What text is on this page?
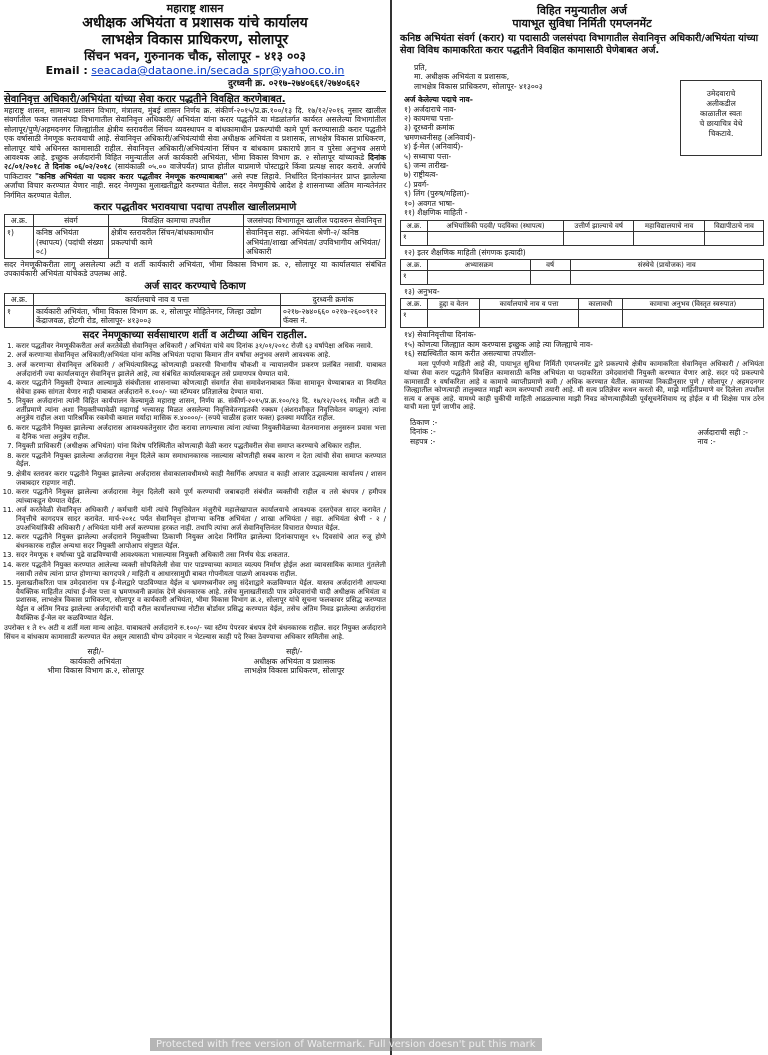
महाराष्ट्र शासन
अधीक्षक अभियंता व प्रशासक यांचे कार्यालय
लाभक्षेत्र विकास प्राधिकरण, सोलापूर
सिंचन भवन, गुरुनानक चौक, सोलापूर - ४१३ ००३
Email : seacada@dataone.in/secada spr@yahoo.co.in
दुरध्वनी क्र. ०२१७-२७४०६६१/२७४०६६२
सेवानिवृत्त अधिकारी/अभियंता यांच्या सेवा करार पद्धतीने विवक्षित करणेबाबत.
महाराष्ट्र शासन, सामान्य प्रशासन विभाग, मंत्रालय, मुंबई शासन निर्णय क्र. संकीर्ण-२०१५/प्र.क्र.१००/१३ दि. १७/१२/२०१६ नुसार खालील संवर्गातील फक्त जलसंपदा विभागातील सेवानिवृत्त अधिकारी/ अभियंता यांना करार पद्धतीने या मंडळांतर्गत कार्यरत असलेल्या विभागांतील सोलापूर/पुणे/अहमदनगर जिल्ह्यांतील क्षेत्रीय स्तरावरील सिंचन व्यवस्थापन व बांधकामाधीन प्रकल्पांची कामे पूर्ण करण्यासाठी करार पद्धतीने एक वर्षासाठी नेमणूक करावयाची आहे. सेवानिवृत्त अधिकारी/अभियंत्यांची सेवा अधीक्षक अभियंता व प्रशासक, लाभक्षेत्र विकास प्राधिकरण, सोलापूर यांचे अधिनस्त कामासाठी राहील. सेवानिवृत्त अधिकारी/अभियंत्यांना सिंचन व बांधकाम प्रकाराचे ज्ञान व पुरेसा अनुभव असणे आवश्यक आहे. इच्छुक अर्जदारांनी विहित नमुन्यातील अर्ज कार्यकारी अभियंता, भीमा विकास विभाग क्र. २ सोलापूर यांच्याकडे दिनांक २८/०१/२०१८ ते दिनांक ०६/०२/२०१८ (सायंकाळी ०५.०० वाजेपर्यंत) प्राप्त होतील याप्रमाणे पोस्टाद्वारे किंवा प्रत्यक्ष सादर करावे. अर्जाचे पाकिटावर "कनिष्ठ अभियंता या पदावर करार पद्धतीवर नेमणूक करण्याबाबत" असे स्पष्ट लिहावे. निर्धारित दिनांकानंतर प्राप्त झालेल्या अर्जांचा विचार करण्यात येणार नाही. सदर नेमणुका मुलाखतीद्वारे करण्यात येतील. सदर नेमणुकीचे आदेश हे शासनाच्या अंतिम मान्यतेनंतर निर्गमित करण्यात येतील.
करार पद्धतीवर भरावयाचा पदाचा तपशील खालीलप्रमाणे
अ.क्र.	संवर्ग	विवक्षित कामाचा तपशील	जलसंपदा विभागातून खालील पदावरुन सेवानिवृत्त
१)	कनिष्ठ अभियंता (स्थापत्य) (पदांची संख्या ०८)	क्षेत्रीय स्तरावरील सिंचन/बांधकामाधीन प्रकल्पांची कामे	सेवानिवृत्त सहा. अभियंता श्रेणी-२/ कनिष्ठ अभियंता/शाखा अभियंता/ उपविभागीय अभियंता/अधिकारी
सदर नेमणूकीकरीता लागू असलेल्या अटी व शर्ती कार्यकारी अभियंता, भीमा विकास विभाग क्र. २, सोलापूर या कार्यालयात संबंधित उपकार्यकारी अभियंता यांचेकडे उपलब्ध आहे.
अर्ज सादर करण्याचे ठिकाण
अ.क्र.	कार्यालयाचे नाव व पत्ता	दुरध्वनी क्रमांक
१	कार्यकारी अभियंता, भीमा विकास विभाग क्र. २, सोलापूर मोहितेनगर, जिल्हा उद्योग केंद्राजवळ, होटगी रोड, सोलापूर- ४१३००३	०२१७-२७४०६६० ०२१७-२६००९१२ फॅक्स नं.
सदर नेमणूकाच्या सर्वसाधारण शर्ती व अटीच्या अधिन राहतील.
1. करार पद्धतीवर नेमणूकीकरीता अर्ज करतेवेळी सेवानिवृत्त अधिकारी / अभियंता यांचे वय दिनांक ३१/०१/२०१८ रोजी ६३ वर्षापेक्षा अधिक नसावे.
2. अर्ज करणाऱ्या सेवानिवृत्त अधिकारी/अभियंता यांना कनिष्ठ अभियंता पदाचा किमान तीन वर्षांचा अनुभव असणे आवश्यक आहे.
3. अर्ज करणाऱ्या सेवानिवृत्त अधिकारी / अभियंत्याविरुद्ध कोणत्याही प्रकारची विभागीय चौकशी व न्यायालयीन प्रकरण प्रलंबित नसावी. याबाबत अर्जदारांनी ज्या कार्यालयातून सेवानिवृत्त झालेले आहे, त्या संबंधित कार्यालयाकडून तसे प्रमाणपत्र घेण्यात यावे.
4. करार पद्धतीने नियुक्ती देण्यात आल्यामुळे संबंधीतास शासनाच्या कोणत्याही संवर्गात सेवा समावेशनाबाबत किंवा सामावून घेण्याबाबत वा नियमित सेवेचा हक्क सांगता येणार नाही याबाबत अर्जदाराने रु.१००/- च्या स्टॅम्पवर प्रतिज्ञालेख देण्यात यावा.
5. नियुक्त अर्जदारांना त्यांनी विहित कार्यपालन केल्यामुळे महाराष्ट्र शासन, निर्णय क्र. संकीर्ण-२०१५/प्र.क्र.१००/१३ दि. १७/१२/२०१६ मधील अटी व शर्तीप्रमाणे त्यांना अशा नियुक्तीच्यावेळी महागाई भत्त्यासह मिळत असलेल्या निवृत्तिवेतनाइतकी रक्कम (अंशराशीकृत निवृत्तिवेतन वगळून) त्यांना अनुज्ञेय राहील अशा पारिश्रमिक रकमेची कमाल मर्यादा मासिक रु.४००००/- (रुपये चाळीस हजार फक्त) इतक्या मर्यादित राहील.
6. करार पद्धतीने नियुक्त झालेल्या अर्जदारास आवश्यकतेनुसार दौरा करावा लागल्यास त्यांना त्यांच्या नियुक्तीवेळच्या वेतनमानास अनुसरुन प्रवास भत्ता व दैनिक भत्ता अनुज्ञेय राहील.
7. नियुक्ती प्राधिकारी (अधीक्षक अभियंता) यांना विशेष परिस्थितीत कोणत्याही वेळी करार पद्धतीवरील सेवा समाप्त करण्याचे अधिकार राहील.
8. करार पद्धतीने नियुक्त झालेल्या अर्जदारास नेमून दिलेले काम समाधानकारक नसल्यास कोणतीही सबब कारण न देता त्यांची सेवा समाप्त करण्यात येईल.
9. क्षेत्रीय स्तरावर करार पद्धतीने नियुक्त झालेल्या अर्जदारास सेवाकालावधीमध्ये काही नैसर्गिक अपघात व काही आजार उद्भवल्यास कार्यालय / शासन जबाबदार राहणार नाही.
10. करार पद्धतीने नियुक्त झालेल्या अर्जदारास नेमून दिलेली कामे पूर्ण करण्याची जबाबदारी संबंधीत व्यक्तीची राहील व तसे बंधपत्र / हमीपत्र त्यांच्याकडून घेण्यात येईल.
11. अर्ज करतेवेळी सेवानिवृत्त अधिकारी / कर्मचारी यांनी त्यांचे निवृत्तिवेतन मंजुरीचे महालेखापाल कार्यालयाचे आवश्यक दस्तऐवज सादर करावेत / निवृत्तीचे कागदपत्र सादर करावेत. मार्च-२०१८ पर्यंत सेवानिवृत्त होणाऱ्या कनिष्ठ अभियंता / शाखा अभियंता / सहा. अभियंता श्रेणी - २ / उपअभियांत्रिकी अधिकारी / अभियंता यांनी अर्ज करण्यास हरकत नाही. तथापि त्यांचा अर्ज सेवानिवृत्तिनंतर विचारात घेण्यात येईल.
12. करार पद्धतीने नियुक्त झालेल्या अर्जदाराने नियुक्तीच्या ठिकाणी नियुक्त आदेश निर्गमित झालेल्या दिनांकापासून १५ दिवसांचे आत रुजू होणे बंधनकारक राहील अन्यथा सदर नियुक्ती आपोआप संपुष्टात येईल.
13. सदर नेमणूक १ वर्षाच्या पुढे वाढविण्याची आवश्यकता भासल्यास नियुक्ती अधिकारी तसा निर्णय घेऊ शकतात.
14. करार पद्धतीने नियुक्त करण्यात आलेल्या व्यक्ती सोपविलेली सेवा पार पाडण्याच्या कामात व्यत्यय निर्माण होईल अशा व्यावसायिक कामात गुंतलेली नसावी तसेच त्यांना प्राप्त होणाऱ्या कागदपत्रे / माहिती व आधारसामुग्री बाबत गोपनीयता पाळणे आवश्यक राहील.
15. मुलाखतीकरिता पात्र उमेदवारांना पत्र ई-मेलद्वारे पाठविण्यात येईल व भ्रमणध्वनीवर लघु संदेशाद्वारे कळविण्यात येईल. यास्तव अर्जदारांनी आपल्या वैयक्तिक माहितीत त्यांचा ई-मेल पत्ता व भ्रमणध्वनी क्रमांक देणे बंधनकारक आहे. तसेच मुलाखतीसाठी पात्र उमेदवारांची यादी अधीक्षक अभियंता व प्रशासक, लाभक्षेत्र विकास प्राधिकरण, सोलापूर व कार्यकारी अभियंता, भीमा विकास विभाग क्र.२, सोलापूर यांचे सूचना फलकावर प्रसिद्ध करण्यात येईल व अंतिम निवड झालेल्या अर्जदारांची यादी वरील कार्यालयाच्या नोटीस बोर्डावर प्रसिद्ध करण्यात येईल, तसेच अंतिम निवड झालेल्या अर्जदारांना वैयक्तिक ई-मेल वर कळविण्यात येईल.
उपरोक्त १ ते १५ अटी व शर्ती मला मान्य आहेत. याबाबतचे अर्जदाराने रु.१००/- च्या स्टॅम्प पेपरवर बंधपत्र देणे बंधनकारक राहील. सदर नियुक्त अर्जदाराने सिंचन व बांधकाम कामासाठी करण्यात येत असून त्यासाठी योग्य उमेदवार न भेटल्यास काही पदे रिक्त ठेवण्याचा अधिकार समितीस आहे.
सही/-
कार्यकारी अभियंता
भीमा विकास विभाग क्र.२, सोलापूर
सही/-
अधीक्षक अभियंता व प्रशासक
लाभक्षेत्र विकास प्राधिकरण, सोलापूर
विहित नमुन्यातील अर्ज
पायाभूत सुविधा निर्मिती एमप्लनमेंट
कनिष्ठ अभियंता संवर्ग (करार) या पदासाठी जलसंपदा विभागातील सेवानिवृत्त अधिकारी/अभियंता यांच्या सेवा विविध कामाकरिता करार पद्धतीने विवक्षित कामासाठी घेणेबाबत अर्ज.
प्रति,
मा. अधीक्षक अभियंता व प्रशासक,
लाभक्षेत्र विकास प्राधिकरण, सोलापूर- ४१३००३
उमेदवाराचे
अलीकडील
काळातील स्वतः
चे छायाचित्र येथे
चिकटावे.
अर्ज केलेल्या पदाचे नाव-
१) अर्जदाराचे नाव-
२) कायमचा पत्ता-
३) दूरध्वनी क्रमांक
भ्रमणध्वनीसह (अनिवार्य)-
४) ई-मेल (अनिवार्य)-
५) सध्याचा पत्ता-
६) जन्म तारीख-
७) राष्ट्रीयत्व-
८) प्रवर्ग-
९) लिंग (पुरुष/महिला)-
१०) अवगत भाषा-
११) शैक्षणिक माहिती -
अ.क्र.	अभियांत्रिकी पदवी/ पदविका (स्थापत्य)	उत्तीर्ण झाल्याचे वर्ष	महाविद्यालयाचे नाव	विद्यापीठाचे नाव
१				
१२) इतर शैक्षणिक माहिती (संगणक इत्यादी)
अ.क्र.	अभ्यासक्रम	वर्ष	संस्थेचे (प्रायोजक) नाव
१			
१३) अनुभव-
अ.क्र.	हुद्दा व वेतन	कार्यालयाचे नाव व पत्ता	कालावधी	कामाचा अनुभव (विस्तृत स्वरुपात)
१				
१४) सेवानिवृत्तीचा दिनांक-
१५) कोणत्या जिल्ह्यात काम करण्यास इच्छुक आहे त्या जिल्ह्याचे नाव-
१६) सद्यस्थितीत काम करीत असल्याचा तपशील-
मला पूर्णपणे माहिती आहे की, पायाभूत सुविधा निर्मिती एमप्लनमेंट द्वारे प्रकल्पाचे क्षेत्रीय कामाकरिता सेवानिवृत्त अधिकारी / अभियंता यांच्या सेवा करार पद्धतीने विवक्षित कामासाठी कनिष्ठ अभियंता या पदाकरिता उमेदवारांची नियुक्ती करण्यात येणार आहे. सदर पदे प्रकल्पाचे कामासाठी १ वर्षाकरिता आहे व कामाचे व्याप्तीप्रमाणे कमी / अधिक करण्यात येतील. कामाच्या निकडीनुसार पुणे / सोलापूर / अहमदनगर जिल्ह्यातील कोणत्याही तालुक्यात माझी काम करण्याची तयारी आहे. मी सत्य प्रतिज्ञेवर कथन करतो की, माझे माहितीप्रमाणे वर दिलेला तपशील सत्य व अचूक आहे. यामध्ये काही चुकीची माहिती आढळल्यास माझी निवड कोणत्याहीवेळी पूर्वसूचनेशिवाय रद्द होईल व मी शिक्षेस पात्र ठरेन याची मला पूर्ण जाणीव आहे.
ठिकाण :-
दिनांक :-
सहपत्र :-
अर्जदाराची सही :-
नाव :-
Protected with free version of Watermark. Full version doesn't put this mark
